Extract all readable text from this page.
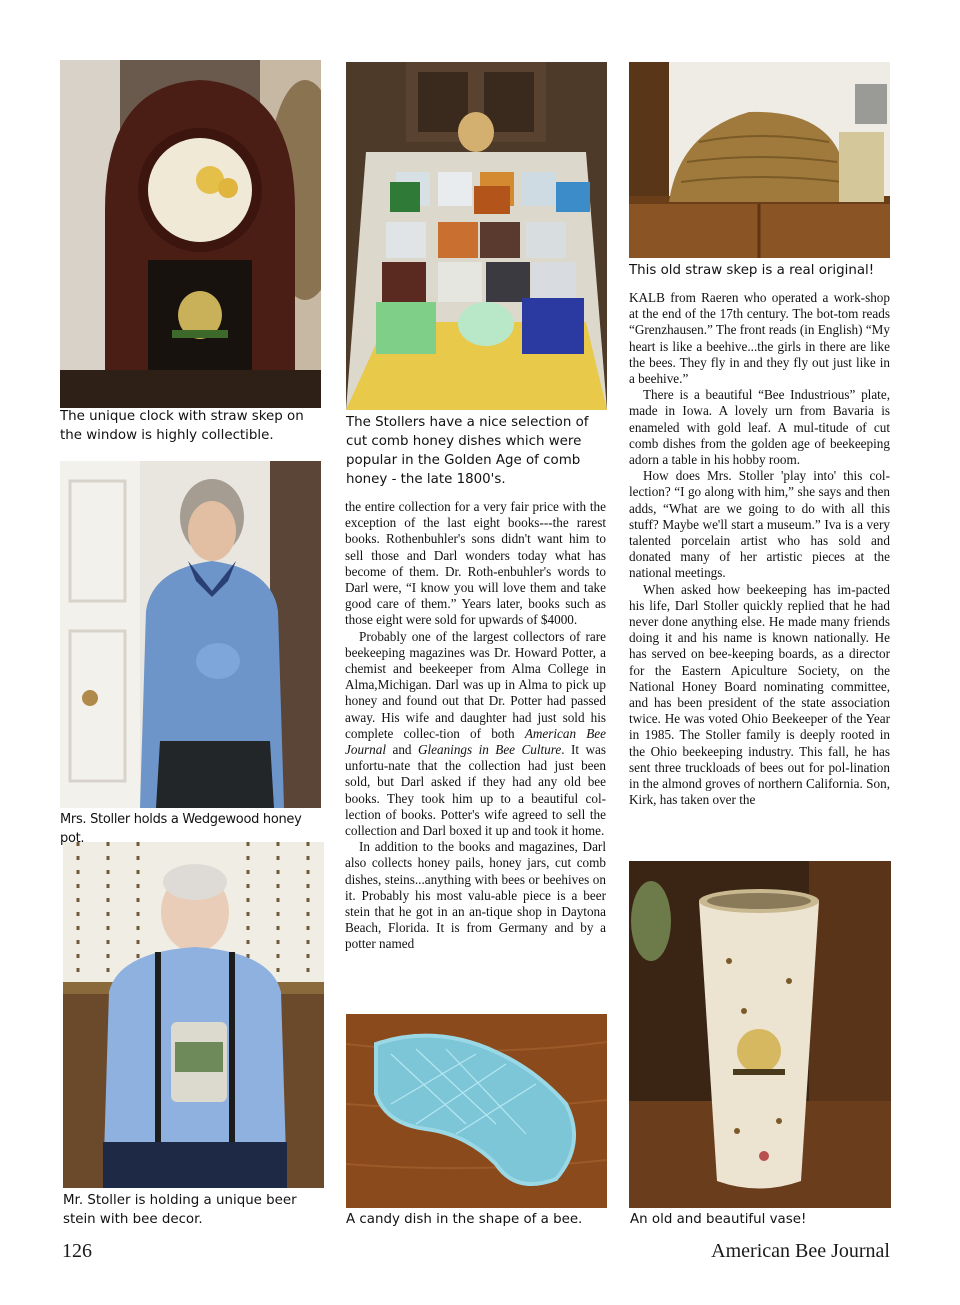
The unique clock with straw skep on the window is highly collectible.
The Stollers have a nice selection of cut comb honey dishes which were popular in the Golden Age of comb honey - the late 1800's.
This old straw skep is a real original!
Mrs. Stoller holds a Wedgewood honey pot.
Mr. Stoller is holding a unique beer stein with bee decor.	A candy dish in the shape of a bee.	An old and beautiful vase!

the entire collection for a very fair price with the exception of the last eight books---the rarest books. Rothenbuhler's sons didn't want him to sell those and Darl wonders today what has become of them. Dr. Roth-enbuhler's words to Darl were, “I know you will love them and take good care of them.” Years later, books such as those eight were sold for upwards of $4000.

Probably one of the largest collectors of rare beekeeping magazines was Dr. Howard Potter, a chemist and beekeeper from Alma College in Alma,Michigan. Darl was up in Alma to pick up honey and found out that Dr. Potter had passed away. His wife and daughter had just sold his complete collec-tion of both American Bee Journal and Gleanings in Bee Culture. It was unfortu-nate that the collection had just been sold, but Darl asked if they had any old bee books. They took him up to a beautiful col-lection of books. Potter's wife agreed to sell the collection and Darl boxed it up and took it home.

In addition to the books and magazines, Darl also collects honey pails, honey jars, cut comb dishes, steins...anything with bees or beehives on it. Probably his most valu-able piece is a beer stein that he got in an an-tique shop in Daytona Beach, Florida. It is from Germany and by a potter named

KALB from Raeren who operated a work-shop at the end of the 17th century. The bot-tom reads “Grenzhausen.” The front reads (in English) “My heart is like a beehive...the girls in there are like the bees. They fly in and they fly out just like in a beehive.”

There is a beautiful “Bee Industrious” plate, made in Iowa. A lovely urn from Bavaria is enameled with gold leaf. A mul-titude of cut comb dishes from the golden age of beekeeping adorn a table in his hobby room.

How does Mrs. Stoller 'play into' this col-lection? “I go along with him,” she says and then adds, “What are we going to do with all this stuff? Maybe we'll start a museum.” Iva is a very talented porcelain artist who has sold and donated many of her artistic pieces at the national meetings.

When asked how beekeeping has im-pacted his life, Darl Stoller quickly replied that he had never done anything else. He made many friends doing it and his name is known nationally. He has served on bee-keeping boards, as a director for the Eastern Apiculture Society, on the National Honey Board nominating committee, and has been president of the state association twice. He was voted Ohio Beekeeper of the Year in 1985. The Stoller family is deeply rooted in the Ohio beekeeping industry. This fall, he has sent three truckloads of bees out for pol-lination in the almond groves of northern California. Son, Kirk, has taken over the

126	American Bee Journal
